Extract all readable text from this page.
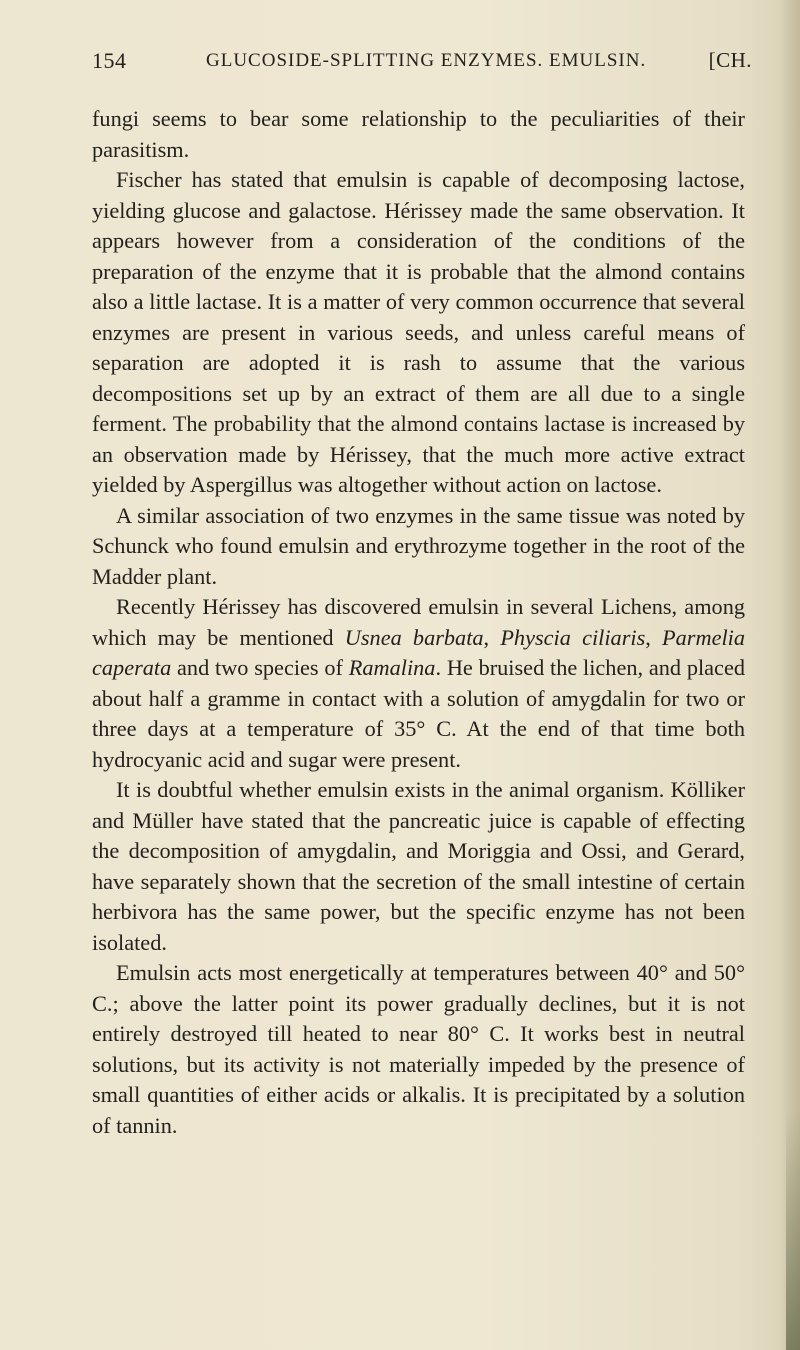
154	GLUCOSIDE-SPLITTING ENZYMES. EMULSIN.	[CH.

fungi seems to bear some relationship to the peculiarities of their parasitism.

Fischer has stated that emulsin is capable of decomposing lactose, yielding glucose and galactose. Hérissey made the same observation. It appears however from a consideration of the conditions of the preparation of the enzyme that it is probable that the almond contains also a little lactase. It is a matter of very common occurrence that several enzymes are present in various seeds, and unless careful means of separation are adopted it is rash to assume that the various decompositions set up by an extract of them are all due to a single ferment. The probability that the almond contains lactase is increased by an observation made by Hérissey, that the much more active extract yielded by Aspergillus was altogether without action on lactose.

A similar association of two enzymes in the same tissue was noted by Schunck who found emulsin and erythrozyme together in the root of the Madder plant.

Recently Hérissey has discovered emulsin in several Lichens, among which may be mentioned Usnea barbata, Physcia ciliaris, Parmelia caperata and two species of Ramalina. He bruised the lichen, and placed about half a gramme in contact with a solution of amygdalin for two or three days at a temperature of 35° C. At the end of that time both hydrocyanic acid and sugar were present.

It is doubtful whether emulsin exists in the animal organism. Kölliker and Müller have stated that the pancreatic juice is capable of effecting the decomposition of amygdalin, and Moriggia and Ossi, and Gerard, have separately shown that the secretion of the small intestine of certain herbivora has the same power, but the specific enzyme has not been isolated.

Emulsin acts most energetically at temperatures between 40° and 50° C.; above the latter point its power gradually declines, but it is not entirely destroyed till heated to near 80° C. It works best in neutral solutions, but its activity is not materially impeded by the presence of small quantities of either acids or alkalis. It is precipitated by a solution of tannin.
